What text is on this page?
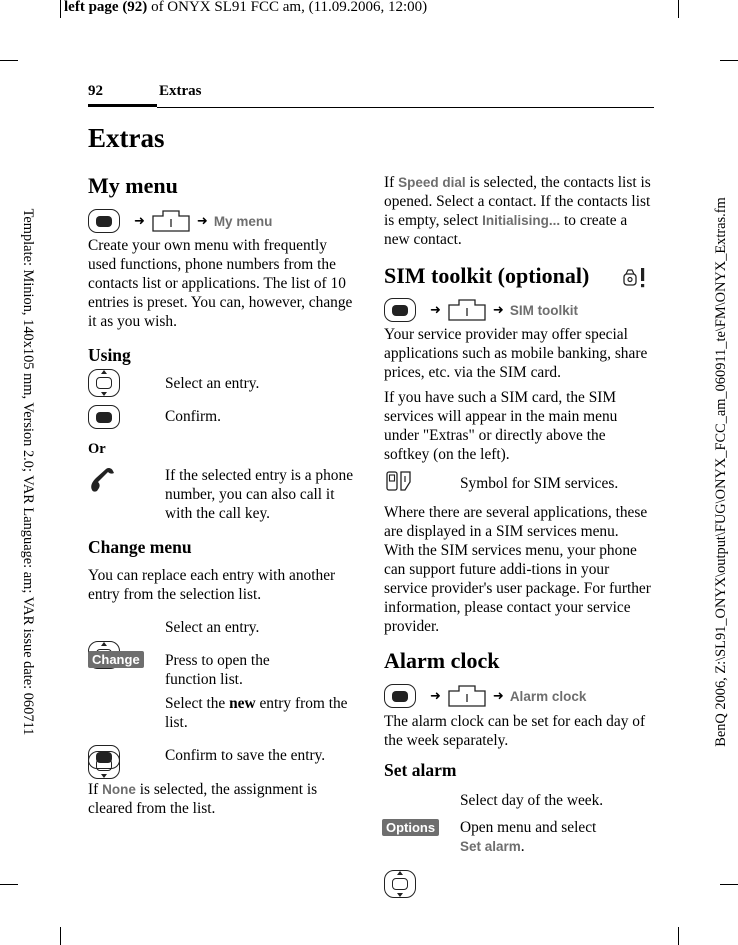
left page (92) of ONYX SL91 FCC am, (11.09.2006, 12:00)
Template: Minion, 140x105 mm, Version 2.0; VAR Language: am; VAR issue date: 060711	BenQ 2006, Z:\SL91_ONYX\output\FUG\ONYX_FCC_am_060911_te\FM\ONYX_Extras.fm
92	Extras
Extras
My menu
➜	➜ My menu
Create your own menu with frequently used functions, phone numbers from the contacts list or applications. The list of 10 entries is preset. You can, however, change it as you wish.
Using
Select an entry.
Confirm.
Or
If the selected entry is a phone number, you can also call it with the call key.
Change menu
You can replace each entry with another entry from the selection list.
Select an entry.
Change Press to open the function list.
Select the new entry from the list.
Confirm to save the entry.
If None is selected, the assignment is cleared from the list.
If Speed dial is selected, the contacts list is opened. Select a contact. If the contacts list is empty, select Initialising... to create a new contact.
SIM toolkit (optional)
➜	➜ SIM toolkit
Your service provider may offer special applications such as mobile banking, share prices, etc. via the SIM card.
If you have such a SIM card, the SIM services will appear in the main menu under "Extras" or directly above the softkey (on the left).
Symbol for SIM services.
Where there are several applications, these are displayed in a SIM services menu. With the SIM services menu, your phone can support future addi-tions in your service provider's user package. For further information, please contact your service provider.
Alarm clock
➜	➜ Alarm clock
The alarm clock can be set for each day of the week separately.
Set alarm
Select day of the week.
Options Open menu and select
Set alarm.
